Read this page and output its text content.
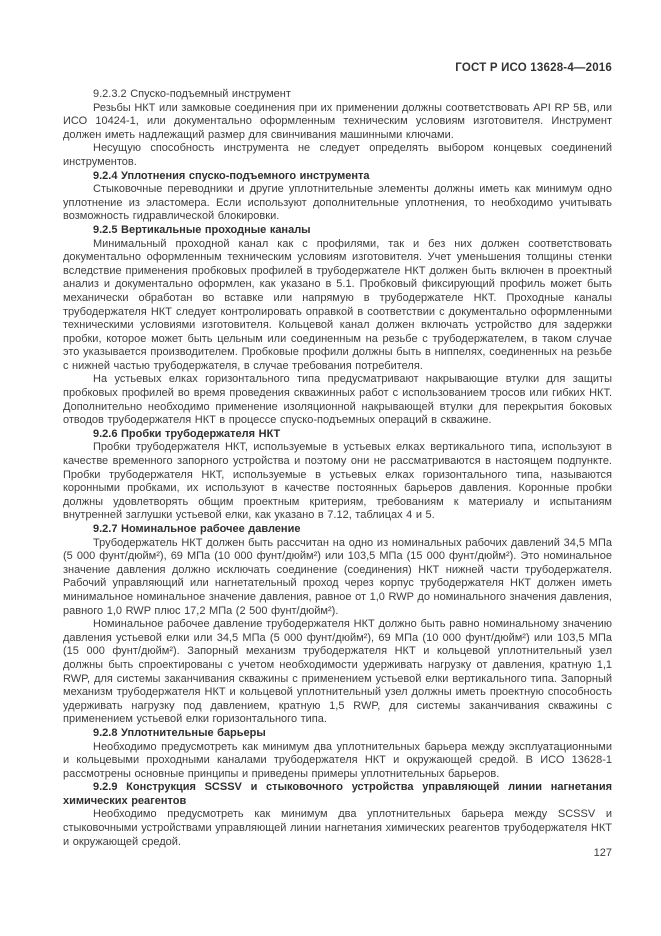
ГОСТ Р ИСО 13628-4—2016

9.2.3.2 Спуско-подъемный инструмент

Резьбы НКТ или замковые соединения при их применении должны соответствовать API RP 5B, или ИСО 10424-1, или документально оформленным техническим условиям изготовителя. Инструмент должен иметь надлежащий размер для свинчивания машинными ключами.

Несущую способность инструмента не следует определять выбором концевых соединений инструментов.

9.2.4 Уплотнения спуско-подъемного инструмента

Стыковочные переводники и другие уплотнительные элементы должны иметь как минимум одно уплотнение из эластомера. Если используют дополнительные уплотнения, то необходимо учитывать возможность гидравлической блокировки.

9.2.5 Вертикальные проходные каналы

Минимальный проходной канал как с профилями, так и без них должен соответствовать документально оформленным техническим условиям изготовителя. Учет уменьшения толщины стенки вследствие применения пробковых профилей в трубодержателе НКТ должен быть включен в проектный анализ и документально оформлен, как указано в 5.1. Пробковый фиксирующий профиль может быть механически обработан во вставке или напрямую в трубодержателе НКТ. Проходные каналы трубодержателя НКТ следует контролировать оправкой в соответствии с документально оформленными техническими условиями изготовителя. Кольцевой канал должен включать устройство для задержки пробки, которое может быть цельным или соединенным на резьбе с трубодержателем, в таком случае это указывается производителем. Пробковые профили должны быть в ниппелях, соединенных на резьбе с нижней частью трубодержателя, в случае требования потребителя.

На устьевых елках горизонтального типа предусматривают накрывающие втулки для защиты пробковых профилей во время проведения скважинных работ с использованием тросов или гибких НКТ. Дополнительно необходимо применение изоляционной накрывающей втулки для перекрытия боковых отводов трубодержателя НКТ в процессе спуско-подъемных операций в скважине.

9.2.6 Пробки трубодержателя НКТ

Пробки трубодержателя НКТ, используемые в устьевых елках вертикального типа, используют в качестве временного запорного устройства и поэтому они не рассматриваются в настоящем подпункте. Пробки трубодержателя НКТ, используемые в устьевых елках горизонтального типа, называются коронными пробками, их используют в качестве постоянных барьеров давления. Коронные пробки должны удовлетворять общим проектным критериям, требованиям к материалу и испытаниям внутренней заглушки устьевой елки, как указано в 7.12, таблицах 4 и 5.

9.2.7 Номинальное рабочее давление

Трубодержатель НКТ должен быть рассчитан на одно из номинальных рабочих давлений 34,5 МПа (5 000 фунт/дюйм²), 69 МПа (10 000 фунт/дюйм²) или 103,5 МПа (15 000 фунт/дюйм²). Это номинальное значение давления должно исключать соединение (соединения) НКТ нижней части трубодержателя. Рабочий управляющий или нагнетательный проход через корпус трубодержателя НКТ должен иметь минимальное номинальное значение давления, равное от 1,0 RWP до номинального значения давления, равного 1,0 RWP плюс 17,2 МПа (2 500 фунт/дюйм²).

Номинальное рабочее давление трубодержателя НКТ должно быть равно номинальному значению давления устьевой елки или 34,5 МПа (5 000 фунт/дюйм²), 69 МПа (10 000 фунт/дюйм²) или 103,5 МПа (15 000 фунт/дюйм²). Запорный механизм трубодержателя НКТ и кольцевой уплотнительный узел должны быть спроектированы с учетом необходимости удерживать нагрузку от давления, кратную 1,1 RWP, для системы заканчивания скважины с применением устьевой елки вертикального типа. Запорный механизм трубодержателя НКТ и кольцевой уплотнительный узел должны иметь проектную способность удерживать нагрузку под давлением, кратную 1,5 RWP, для системы заканчивания скважины с применением устьевой елки горизонтального типа.

9.2.8 Уплотнительные барьеры

Необходимо предусмотреть как минимум два уплотнительных барьера между эксплуатационными и кольцевыми проходными каналами трубодержателя НКТ и окружающей средой. В ИСО 13628-1 рассмотрены основные принципы и приведены примеры уплотнительных барьеров.

9.2.9 Конструкция SCSSV и стыковочного устройства управляющей линии нагнетания химических реагентов

Необходимо предусмотреть как минимум два уплотнительных барьера между SCSSV и стыковочными устройствами управляющей линии нагнетания химических реагентов трубодержателя НКТ и окружающей средой.

127
